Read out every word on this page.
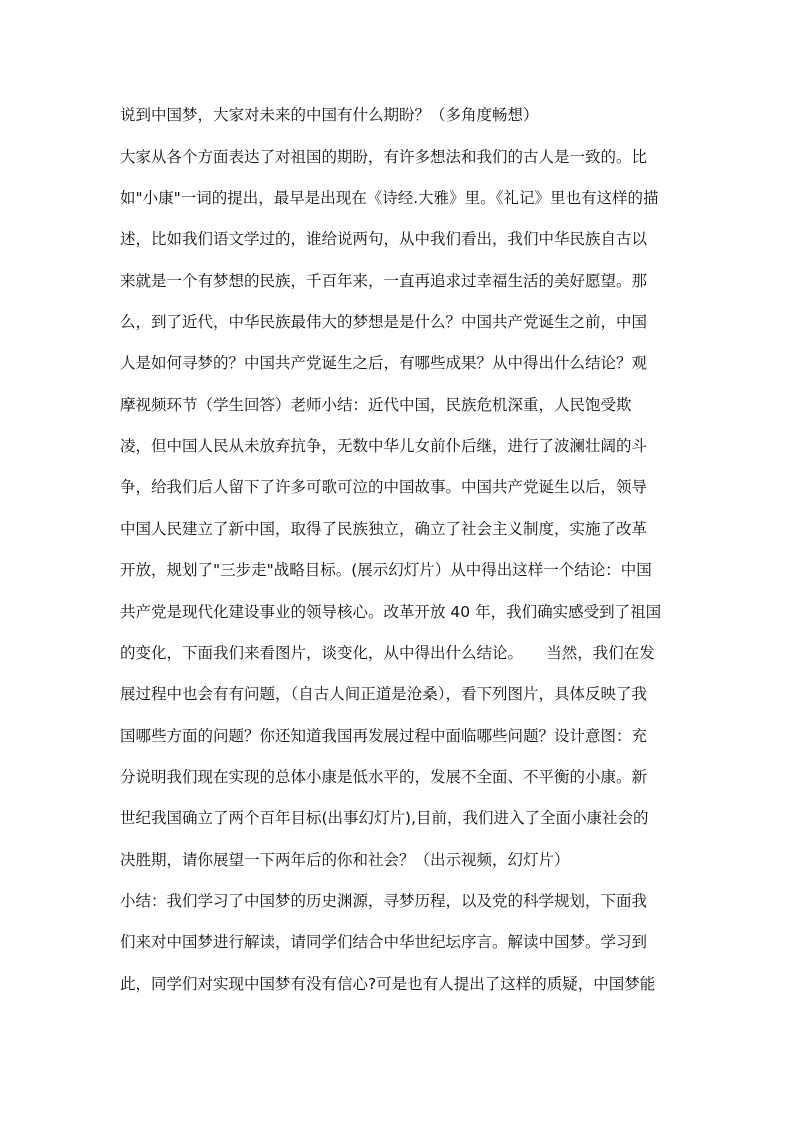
说到中国梦，大家对未来的中国有什么期盼？（多角度畅想）
大家从各个方面表达了对祖国的期盼，有许多想法和我们的古人是一致的。比
如"小康"一词的提出，最早是出现在《诗经.大雅》里。《礼记》里也有这样的描
述，比如我们语文学过的，谁给说两句，从中我们看出，我们中华民族自古以
来就是一个有梦想的民族，千百年来，一直再追求过幸福生活的美好愿望。那
么，到了近代，中华民族最伟大的梦想是是什么？中国共产党诞生之前，中国
人是如何寻梦的？中国共产党诞生之后，有哪些成果？从中得出什么结论？观
摩视频环节（学生回答）老师小结：近代中国，民族危机深重，人民饱受欺
凌，但中国人民从未放弃抗争，无数中华儿女前仆后继，进行了波澜壮阔的斗
争，给我们后人留下了许多可歌可泣的中国故事。中国共产党诞生以后，领导
中国人民建立了新中国，取得了民族独立，确立了社会主义制度，实施了改革
开放，规划了"三步走"战略目标。(展示幻灯片）从中得出这样一个结论：中国
共产党是现代化建设事业的领导核心。改革开放 40 年，我们确实感受到了祖国
的变化，下面我们来看图片，谈变化，从中得出什么结论。　　当然，我们在发
展过程中也会有有问题，（自古人间正道是沧桑），看下列图片，具体反映了我
国哪些方面的问题？你还知道我国再发展过程中面临哪些问题？设计意图：充
分说明我们现在实现的总体小康是低水平的，发展不全面、不平衡的小康。新
世纪我国确立了两个百年目标(出事幻灯片),目前，我们进入了全面小康社会的
决胜期，请你展望一下两年后的你和社会？（出示视频，幻灯片）
小结：我们学习了中国梦的历史渊源，寻梦历程，以及党的科学规划，下面我
们来对中国梦进行解读，请同学们结合中华世纪坛序言。解读中国梦。学习到
此，同学们对实现中国梦有没有信心?可是也有人提出了这样的质疑，中国梦能
